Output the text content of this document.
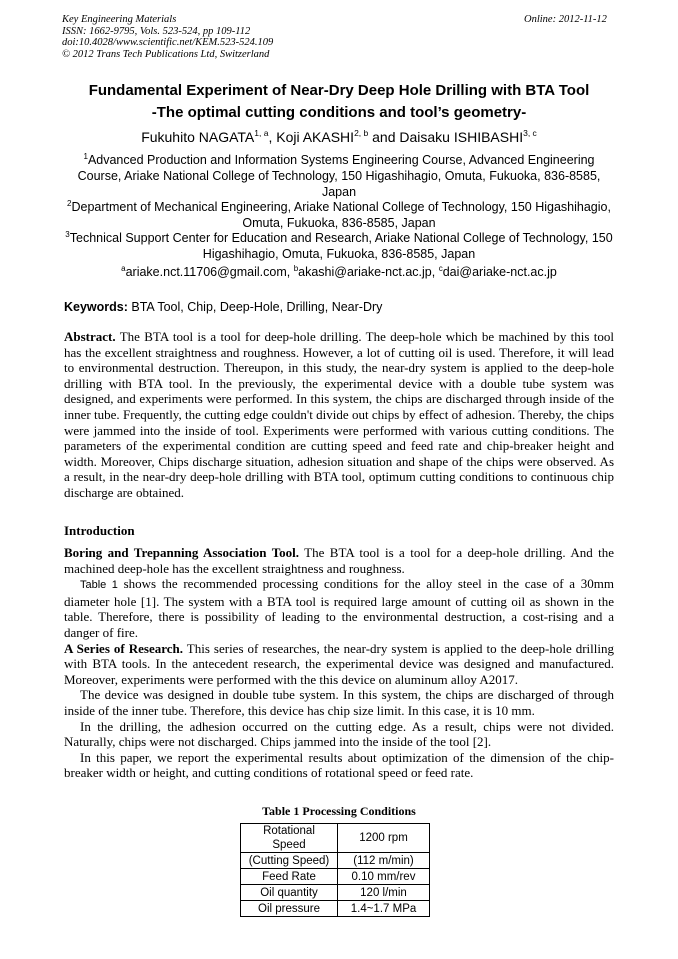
Key Engineering Materials
ISSN: 1662-9795, Vols. 523-524, pp 109-112
doi:10.4028/www.scientific.net/KEM.523-524.109
© 2012 Trans Tech Publications Ltd, Switzerland
Online: 2012-11-12
Fundamental Experiment of Near-Dry Deep Hole Drilling with BTA Tool
-The optimal cutting conditions and tool’s geometry-
Fukuhito NAGATA$^{1, a}$, Koji AKASHI$^{2, b}$ and Daisaku ISHIBASHI$^{3, c}$
$^1$Advanced Production and Information Systems Engineering Course, Advanced Engineering Course, Ariake National College of Technology, 150 Higashihagio, Omuta, Fukuoka, 836-8585, Japan
$^2$Department of Mechanical Engineering, Ariake National College of Technology, 150 Higashihagio, Omuta, Fukuoka, 836-8585, Japan
$^3$Technical Support Center for Education and Research, Ariake National College of Technology, 150 Higashihagio, Omuta, Fukuoka, 836-8585, Japan
$^a$ariake.nct.11706@gmail.com, $^b$akashi@ariake-nct.ac.jp, $^c$dai@ariake-nct.ac.jp
Keywords: BTA Tool, Chip, Deep-Hole, Drilling, Near-Dry

Abstract. The BTA tool is a tool for deep-hole drilling. The deep-hole which be machined by this tool has the excellent straightness and roughness. However, a lot of cutting oil is used. Therefore, it will lead to environmental destruction. Thereupon, in this study, the near-dry system is applied to the deep-hole drilling with BTA tool. In the previously, the experimental device with a double tube system was designed, and experiments were performed. In this system, the chips are discharged through inside of the inner tube. Frequently, the cutting edge couldn't divide out chips by effect of adhesion. Thereby, the chips were jammed into the inside of tool. Experiments were performed with various cutting conditions. The parameters of the experimental condition are cutting speed and feed rate and chip-breaker height and width. Moreover, Chips discharge situation, adhesion situation and shape of the chips were observed. As a result, in the near-dry deep-hole drilling with BTA tool, optimum cutting conditions to continuous chip discharge are obtained.

Introduction

Boring and Trepanning Association Tool. The BTA tool is a tool for a deep-hole drilling. And the machined deep-hole has the excellent straightness and roughness.

Table 1 shows the recommended processing conditions for the alloy steel in the case of a 30mm diameter hole [1]. The system with a BTA tool is required large amount of cutting oil as shown in the table. Therefore, there is possibility of leading to the environmental destruction, a cost-rising and a danger of fire.

A Series of Research. This series of researches, the near-dry system is applied to the deep-hole drilling with BTA tools. In the antecedent research, the experimental device was designed and manufactured. Moreover, experiments were performed with the this device on aluminum alloy A2017.

The device was designed in double tube system. In this system, the chips are discharged of through inside of the inner tube. Therefore, this device has chip size limit. In this case, it is 10 mm.

In the drilling, the adhesion occurred on the cutting edge. As a result, chips were not divided. Naturally, chips were not discharged. Chips jammed into the inside of the tool [2].

In this paper, we report the experimental results about optimization of the dimension of the chip-breaker width or height, and cutting conditions of rotational speed or feed rate.

Table 1 Processing Conditions
Rotational Speed	1200 rpm
(Cutting Speed)	(112 m/min)
Feed Rate	0.10 mm/rev
Oil quantity	120 l/min
Oil pressure	1.4~1.7 MPa
